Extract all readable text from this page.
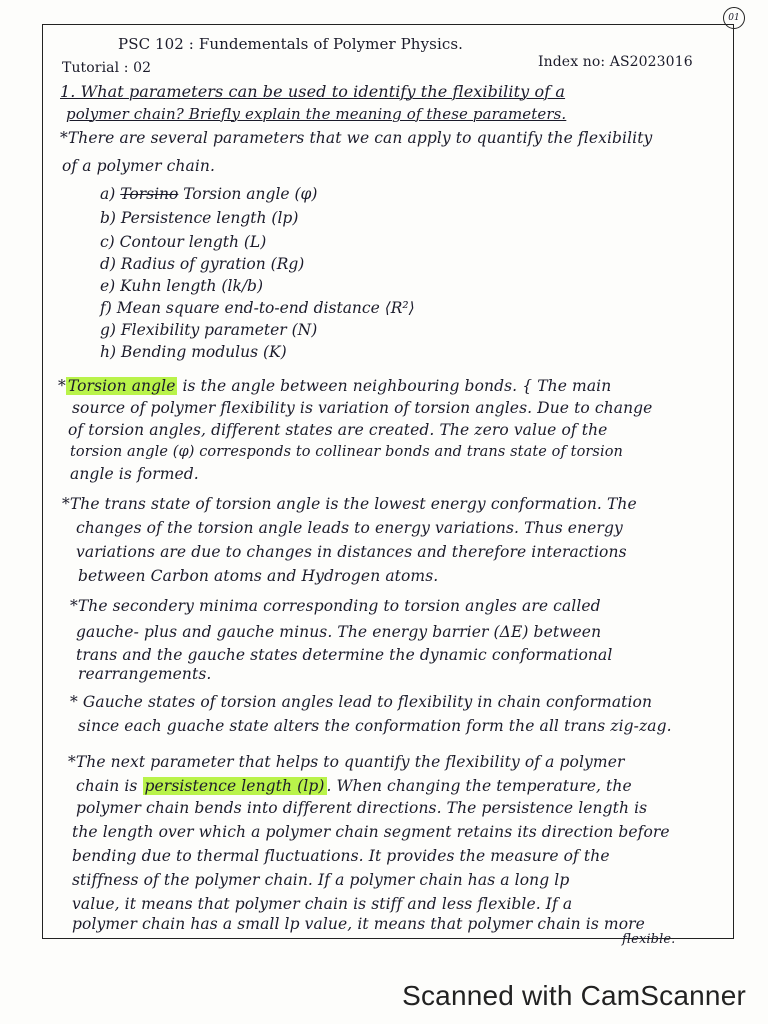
01
PSC 102 : Fundementals of Polymer Physics.
Tutorial : 02	Index no: AS2023016
1. What parameters can be used to identify the flexibility of a
polymer chain? Briefly explain the meaning of these parameters.
*There are several parameters that we can apply to quantify the flexibility
of a polymer chain.
a) Torsino Torsion angle (φ)
b) Persistence length (lp)
c) Contour length (L)
d) Radius of gyration (Rg)
e) Kuhn length (lk/b)
f) Mean square end-to-end distance ⟨R²⟩
g) Flexibility parameter (N)
h) Bending modulus (K)
* Torsion angle is the angle between neighbouring bonds. { The main
source of polymer flexibility is variation of torsion angles. Due to change
of torsion angles, different states are created. The zero value of the
torsion angle (φ) corresponds to collinear bonds and trans state of torsion
angle is formed.
*The trans state of torsion angle is the lowest energy conformation. The
changes of the torsion angle leads to energy variations. Thus energy
variations are due to changes in distances and therefore interactions
between Carbon atoms and Hydrogen atoms.
*The secondery minima corresponding to torsion angles are called
gauche- plus and gauche minus. The energy barrier (ΔE) between
trans and the gauche states determine the dynamic conformational
rearrangements.
* Gauche states of torsion angles lead to flexibility in chain conformation
since each guache state alters the conformation form the all trans zig-zag.
*The next parameter that helps to quantify the flexibility of a polymer
chain is persistence length (lp) . When changing the temperature, the
polymer chain bends into different directions. The persistence length is
the length over which a polymer chain segment retains its direction before
bending due to thermal fluctuations. It provides the measure of the
stiffness of the polymer chain. If a polymer chain has a long lp
value, it means that polymer chain is stiff and less flexible. If a
polymer chain has a small lp value, it means that polymer chain is more
flexible.
Scanned with CamScanner
